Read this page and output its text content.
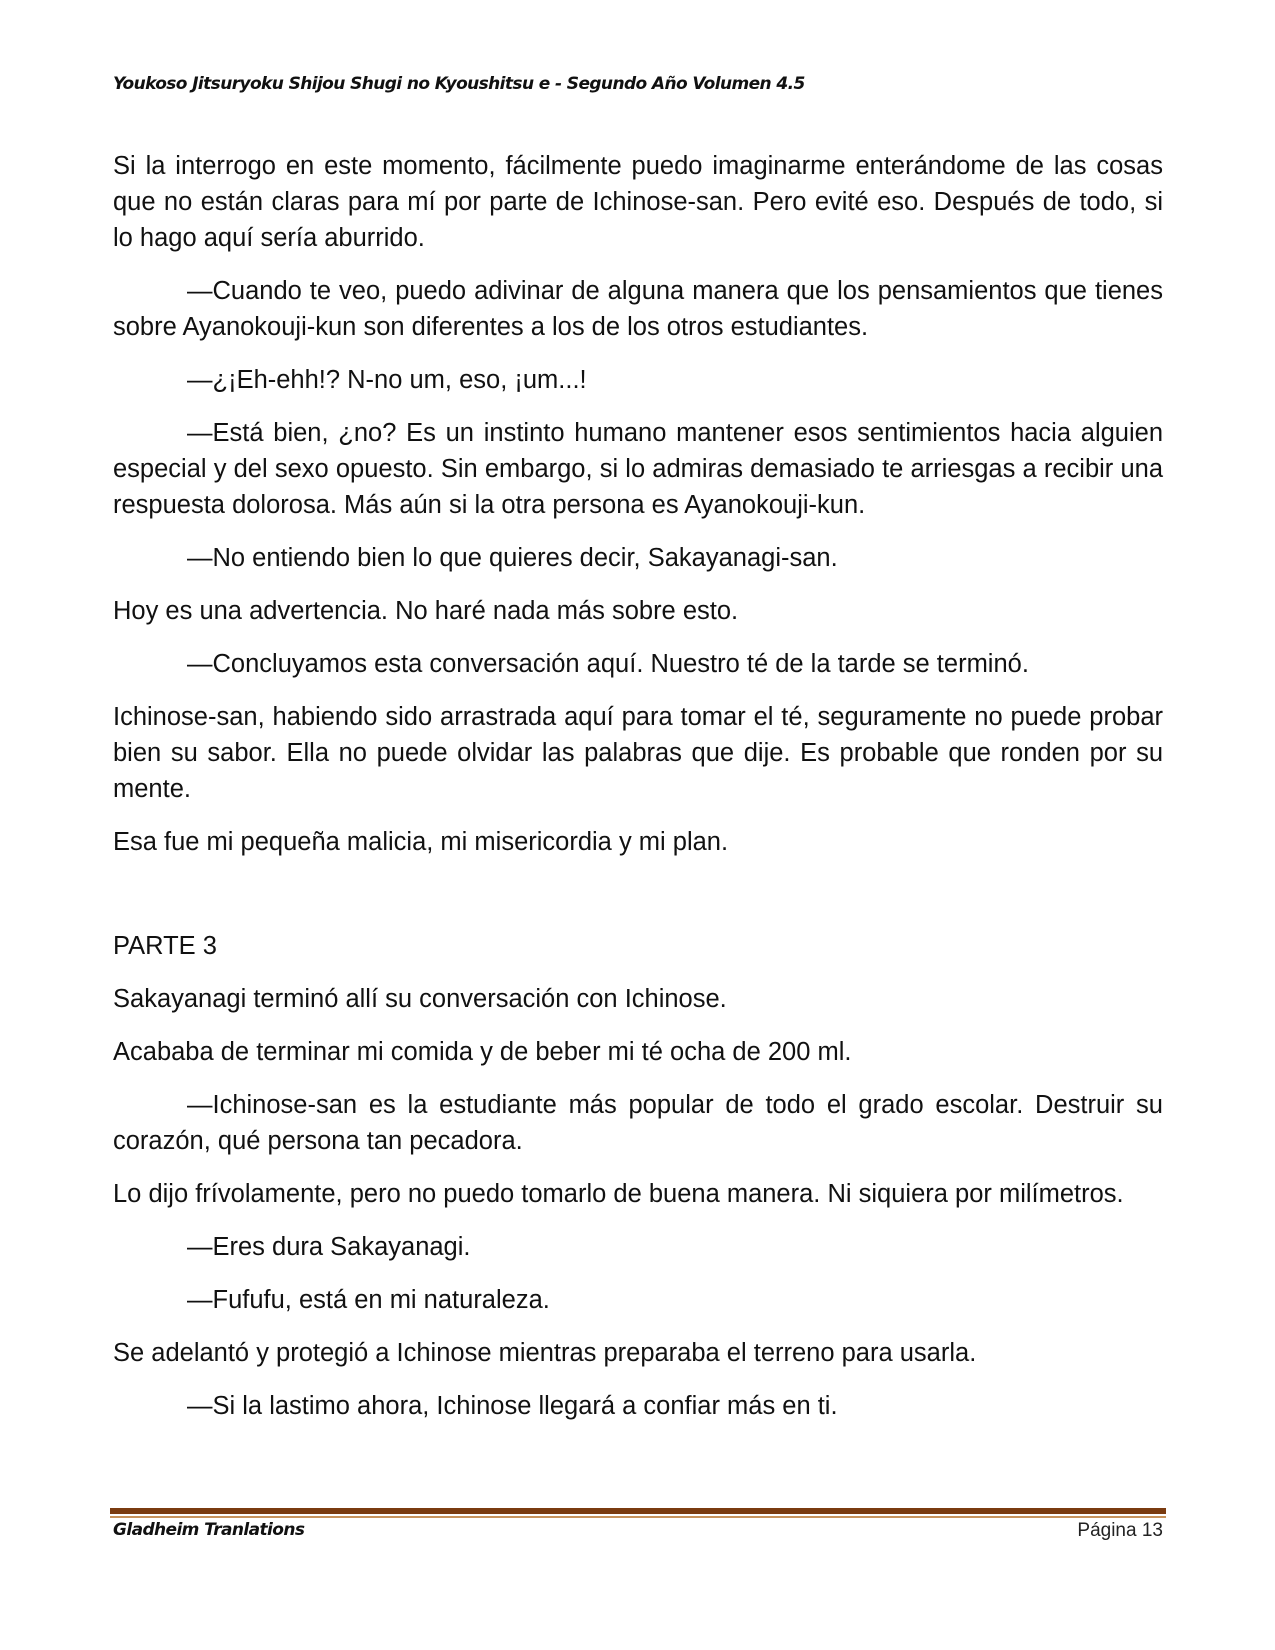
Youkoso Jitsuryoku Shijou Shugi no Kyoushitsu e - Segundo Año Volumen 4.5

Si la interrogo en este momento, fácilmente puedo imaginarme enterándome de las cosas que no están claras para mí por parte de Ichinose-san. Pero evité eso. Después de todo, si lo hago aquí sería aburrido.

—Cuando te veo, puedo adivinar de alguna manera que los pensamientos que tienes sobre Ayanokouji-kun son diferentes a los de los otros estudiantes.

—¿¡Eh-ehh!? N-no um, eso, ¡um...!

—Está bien, ¿no? Es un instinto humano mantener esos sentimientos hacia alguien especial y del sexo opuesto. Sin embargo, si lo admiras demasiado te arriesgas a recibir una respuesta dolorosa. Más aún si la otra persona es Ayanokouji-kun.

—No entiendo bien lo que quieres decir, Sakayanagi-san.

Hoy es una advertencia. No haré nada más sobre esto.

—Concluyamos esta conversación aquí. Nuestro té de la tarde se terminó.

Ichinose-san, habiendo sido arrastrada aquí para tomar el té, seguramente no puede probar bien su sabor. Ella no puede olvidar las palabras que dije. Es probable que ronden por su mente.

Esa fue mi pequeña malicia, mi misericordia y mi plan.

PARTE 3

Sakayanagi terminó allí su conversación con Ichinose.

Acababa de terminar mi comida y de beber mi té ocha de 200 ml.

—Ichinose-san es la estudiante más popular de todo el grado escolar. Destruir su corazón, qué persona tan pecadora.

Lo dijo frívolamente, pero no puedo tomarlo de buena manera. Ni siquiera por milímetros.

—Eres dura Sakayanagi.

—Fufufu, está en mi naturaleza.

Se adelantó y protegió a Ichinose mientras preparaba el terreno para usarla.

—Si la lastimo ahora, Ichinose llegará a confiar más en ti.

Gladheim Tranlations	Página 13
